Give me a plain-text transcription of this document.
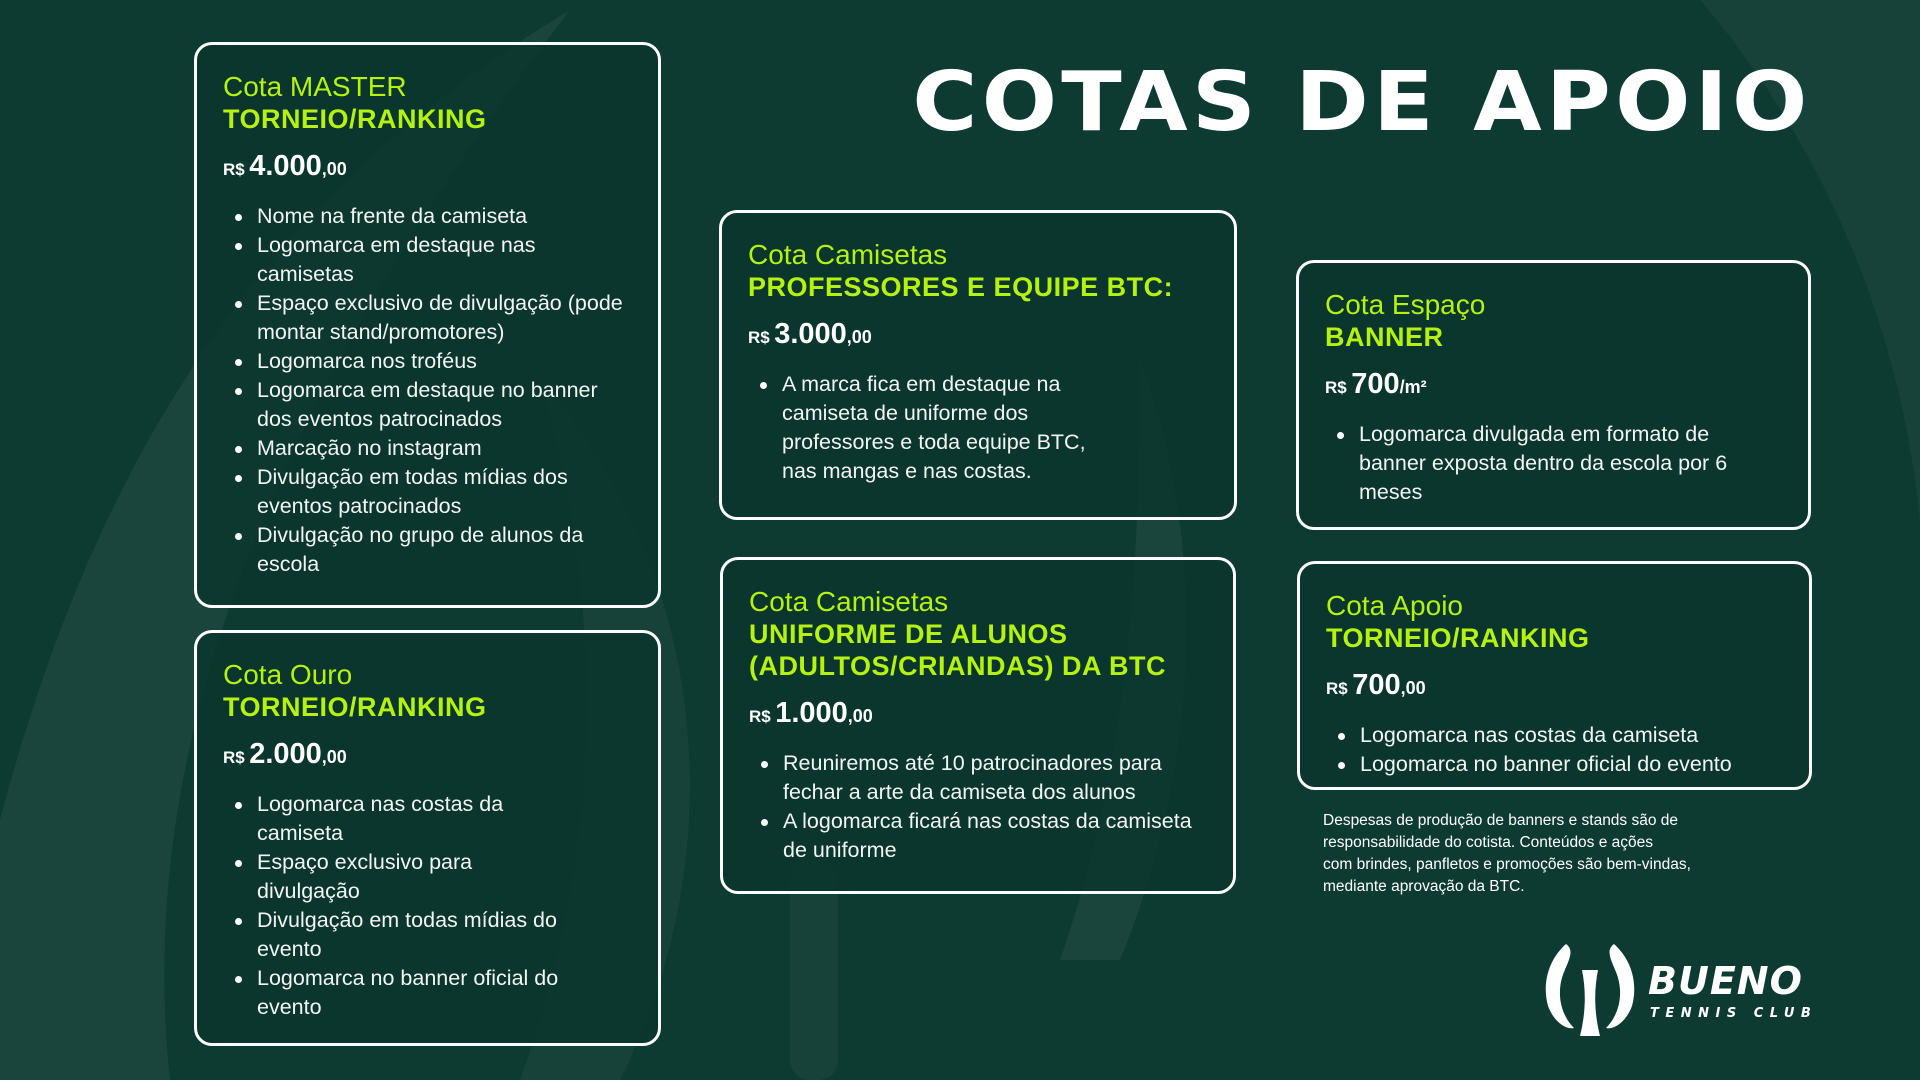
COTAS DE APOIO
Cota MASTER
TORNEIO/RANKING
R$ 4.000,00
Nome na frente da camiseta
Logomarca em destaque nas camisetas
Espaço exclusivo de divulgação (pode montar stand/promotores)
Logomarca nos troféus
Logomarca em destaque no banner dos eventos patrocinados
Marcação no instagram
Divulgação em todas mídias dos eventos patrocinados
Divulgação no grupo de alunos da escola
Cota Ouro
TORNEIO/RANKING
R$ 2.000,00
Logomarca nas costas da camiseta
Espaço exclusivo para divulgação
Divulgação em todas mídias do evento
Logomarca no banner oficial do evento
Cota Camisetas
PROFESSORES E EQUIPE BTC:
R$ 3.000,00
A marca fica em destaque na camiseta de uniforme dos professores e toda equipe BTC, nas mangas e nas costas.
Cota Camisetas
UNIFORME DE ALUNOS (ADULTOS/CRIANDAS) DA BTC
R$ 1.000,00
Reuniremos até 10 patrocinadores para fechar a arte da camiseta dos alunos
A logomarca ficará nas costas da camiseta de uniforme
Cota Espaço
BANNER
R$ 700/m²
Logomarca divulgada em formato de banner exposta dentro da escola por 6 meses
Cota Apoio
TORNEIO/RANKING
R$ 700,00
Logomarca nas costas da camiseta
Logomarca no banner oficial do evento

Despesas de produção de banners e stands são de

responsabilidade do cotista. Conteúdos e ações

com brindes, panfletos e promoções são bem-vindas,

mediante aprovação da BTC.

BUENO
TENNIS CLUB
